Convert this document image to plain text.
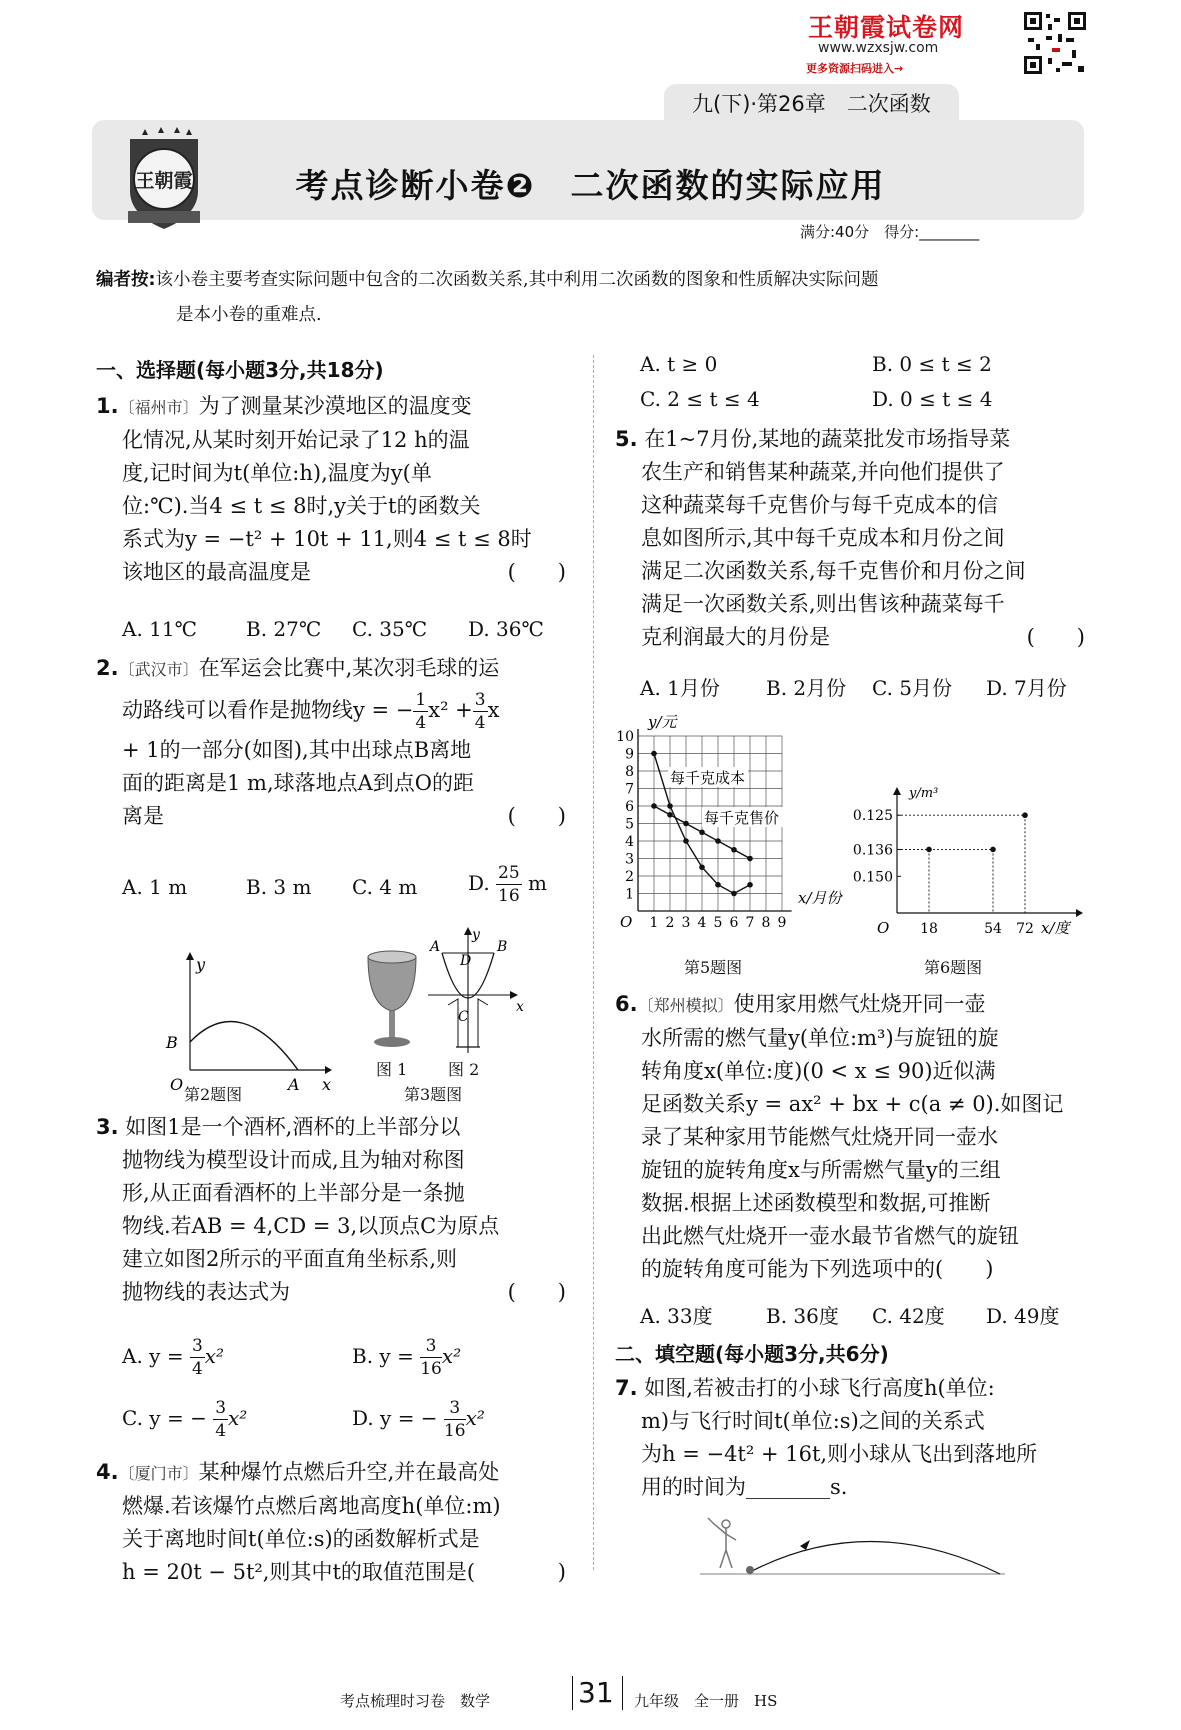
王朝霞试卷网
www.wzxsjw.com
更多资源扫码进入→
九(下)·第26章　二次函数
王朝霞	考点诊断小卷❷　二次函数的实际应用
满分:40分　得分:________
编者按:该小卷主要考查实际问题中包含的二次函数关系,其中利用二次函数的图象和性质解决实际问题
是本小卷的重难点.
一、选择题(每小题3分,共18分)
1.〔福州市〕为了测量某沙漠地区的温度变
化情况,从某时刻开始记录了12 h的温
度,记时间为t(单位:h),温度为y(单
位:℃).当4 ≤ t ≤ 8时,y关于t的函数关
系式为y = −t² + 10t + 11,则4 ≤ t ≤ 8时
该地区的最高温度是	(　　)
A. 11℃ B. 27℃ C. 35℃ D. 36℃
2.〔武汉市〕在军运会比赛中,某次羽毛球的运
动路线可以看作是抛物线y = − $\frac{1}{4} x^2 + \frac{3}{4}$ x
+ 1的一部分(如图),其中出球点B离地
面的距离是1 m,球落地点A到点O的距
离是	(　　)
A. 1 m	B. 3 m C. 4 m	D. $\frac{25}{16}$ m
y
x
B
O	A
第2题图
y
x
A	B
C
D
图 1	图 2
第3题图
3. 如图1是一个酒杯,酒杯的上半部分以
抛物线为模型设计而成,且为轴对称图
形,从正面看酒杯的上半部分是一条抛
物线.若AB = 4,CD = 3,以顶点C为原点
建立如图2所示的平面直角坐标系,则
抛物线的表达式为	(　　)
A. $y = \frac{3}{4} x^2$	B. $y = \frac{3}{16} x^2$
C. y = − $\frac{3}{4} x^2$	D. y = − $\frac{3}{16} x^2$
4.〔厦门市〕某种爆竹点燃后升空,并在最高处
燃爆.若该爆竹点燃后离地高度h(单位:m)
关于离地时间t(单位:s)的函数解析式是
h = 20t − 5t²,则其中t的取值范围是(	)
A. t ≥ 0	B. 0 ≤ t ≤ 2
C. 2 ≤ t ≤ 4	D. 0 ≤ t ≤ 4
5. 在1~7月份,某地的蔬菜批发市场指导菜
农生产和销售某种蔬菜,并向他们提供了
这种蔬菜每千克售价与每千克成本的信
息如图所示,其中每千克成本和月份之间
满足二次函数关系,每千克售价和月份之间
满足一次函数关系,则出售该种蔬菜每千
克利润最大的月份是	(　　)
A. 1月份 B. 2月份 C. 5月份 D. 7月份
1
2
3
4
5
6
7
8
9
10
1 2 3 4 5 6 7 8 9
y/元
x/月份
O
每千克成本
每千克售价
第5题图
0.150
0.136
0.125
18	54 72
y/m³
x/度
O
第6题图
6.〔郑州模拟〕使用家用燃气灶烧开同一壶
水所需的燃气量y(单位:m³)与旋钮的旋
转角度x(单位:度)(0 < x ≤ 90)近似满
足函数关系y = ax² + bx + c(a ≠ 0).如图记
录了某种家用节能燃气灶烧开同一壶水
旋钮的旋转角度x与所需燃气量y的三组
数据.根据上述函数模型和数据,可推断
出此燃气灶烧开一壶水最节省燃气的旋钮
的旋转角度可能为下列选项中的(　　)
A. 33度	B. 36度 C. 42度 D. 49度
二、填空题(每小题3分,共6分)
7. 如图,若被击打的小球飞行高度h(单位:
m)与飞行时间t(单位:s)之间的关系式
为h = −4t² + 16t,则小球从飞出到落地所
用的时间为________s.
考点梳理时习卷　数学	31 九年级　全一册　HS
